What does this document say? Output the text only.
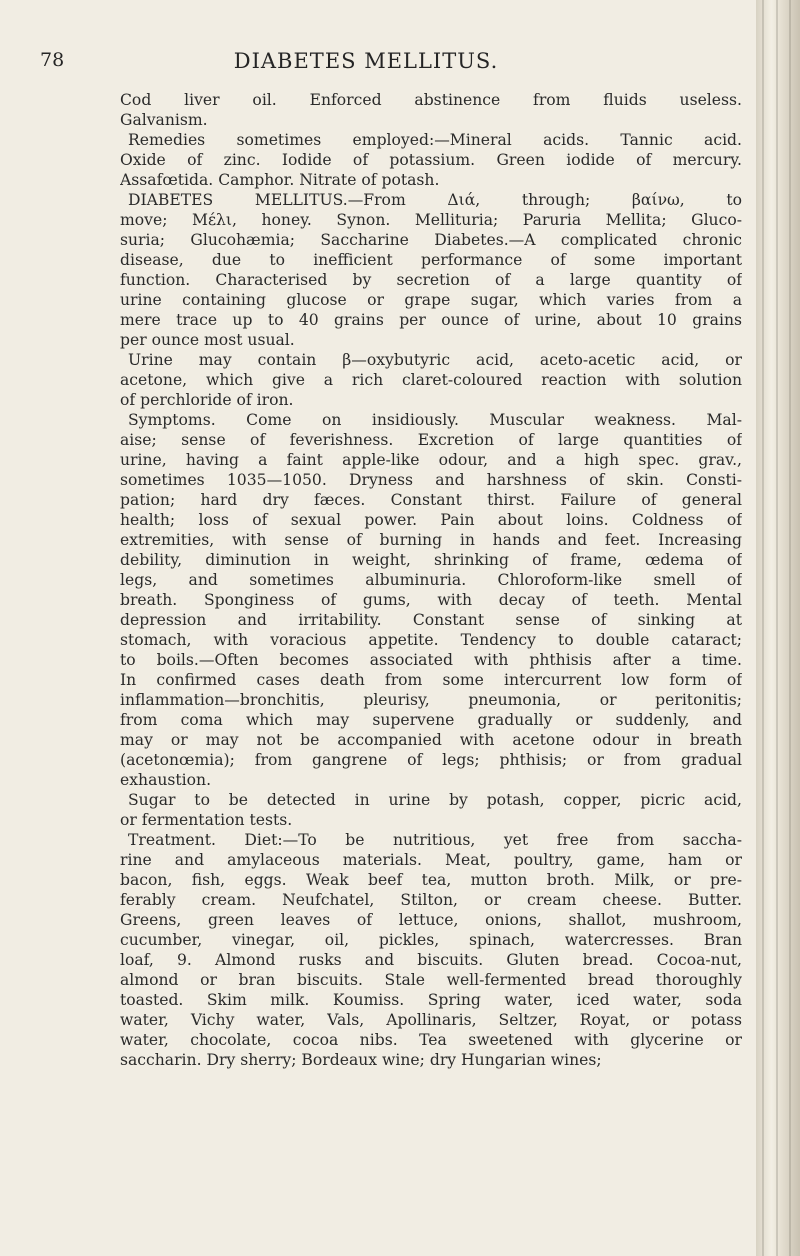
78	DIABETES MELLITUS.
Cod liver oil. Enforced abstinence from fluids useless.
Galvanism.
Remedies sometimes employed:—Mineral acids. Tannic acid.
Oxide of zinc. Iodide of potassium. Green iodide of mercury.
Assafœtida. Camphor. Nitrate of potash.
DIABETES MELLITUS.—From Διά, through; βαίνω, to
move; Μέλι, honey. Synon. Mellituria; Paruria Mellita; Gluco-
suria; Glucohæmia; Saccharine Diabetes.—A complicated chronic
disease, due to inefficient performance of some important
function. Characterised by secretion of a large quantity of
urine containing glucose or grape sugar, which varies from a
mere trace up to 40 grains per ounce of urine, about 10 grains
per ounce most usual.
Urine may contain β—oxybutyric acid, aceto-acetic acid, or
acetone, which give a rich claret-coloured reaction with solution
of perchloride of iron.
Symptoms. Come on insidiously. Muscular weakness. Mal-
aise; sense of feverishness. Excretion of large quantities of
urine, having a faint apple-like odour, and a high spec. grav.,
sometimes 1035—1050. Dryness and harshness of skin. Consti-
pation; hard dry fæces. Constant thirst. Failure of general
health; loss of sexual power. Pain about loins. Coldness of
extremities, with sense of burning in hands and feet. Increasing
debility, diminution in weight, shrinking of frame, œdema of
legs, and sometimes albuminuria. Chloroform-like smell of
breath. Sponginess of gums, with decay of teeth. Mental
depression and irritability. Constant sense of sinking at
stomach, with voracious appetite. Tendency to double cataract;
to boils.—Often becomes associated with phthisis after a time.
In confirmed cases death from some intercurrent low form of
inflammation—bronchitis, pleurisy, pneumonia, or peritonitis;
from coma which may supervene gradually or suddenly, and
may or may not be accompanied with acetone odour in breath
(acetonœmia); from gangrene of legs; phthisis; or from gradual
exhaustion.
Sugar to be detected in urine by potash, copper, picric acid,
or fermentation tests.
Treatment. Diet:—To be nutritious, yet free from saccha-
rine and amylaceous materials. Meat, poultry, game, ham or
bacon, fish, eggs. Weak beef tea, mutton broth. Milk, or pre-
ferably cream. Neufchatel, Stilton, or cream cheese. Butter.
Greens, green leaves of lettuce, onions, shallot, mushroom,
cucumber, vinegar, oil, pickles, spinach, watercresses. Bran
loaf, 9. Almond rusks and biscuits. Gluten bread. Cocoa-nut,
almond or bran biscuits. Stale well-fermented bread thoroughly
toasted. Skim milk. Koumiss. Spring water, iced water, soda
water, Vichy water, Vals, Apollinaris, Seltzer, Royat, or potass
water, chocolate, cocoa nibs. Tea sweetened with glycerine or
saccharin. Dry sherry; Bordeaux wine; dry Hungarian wines;
